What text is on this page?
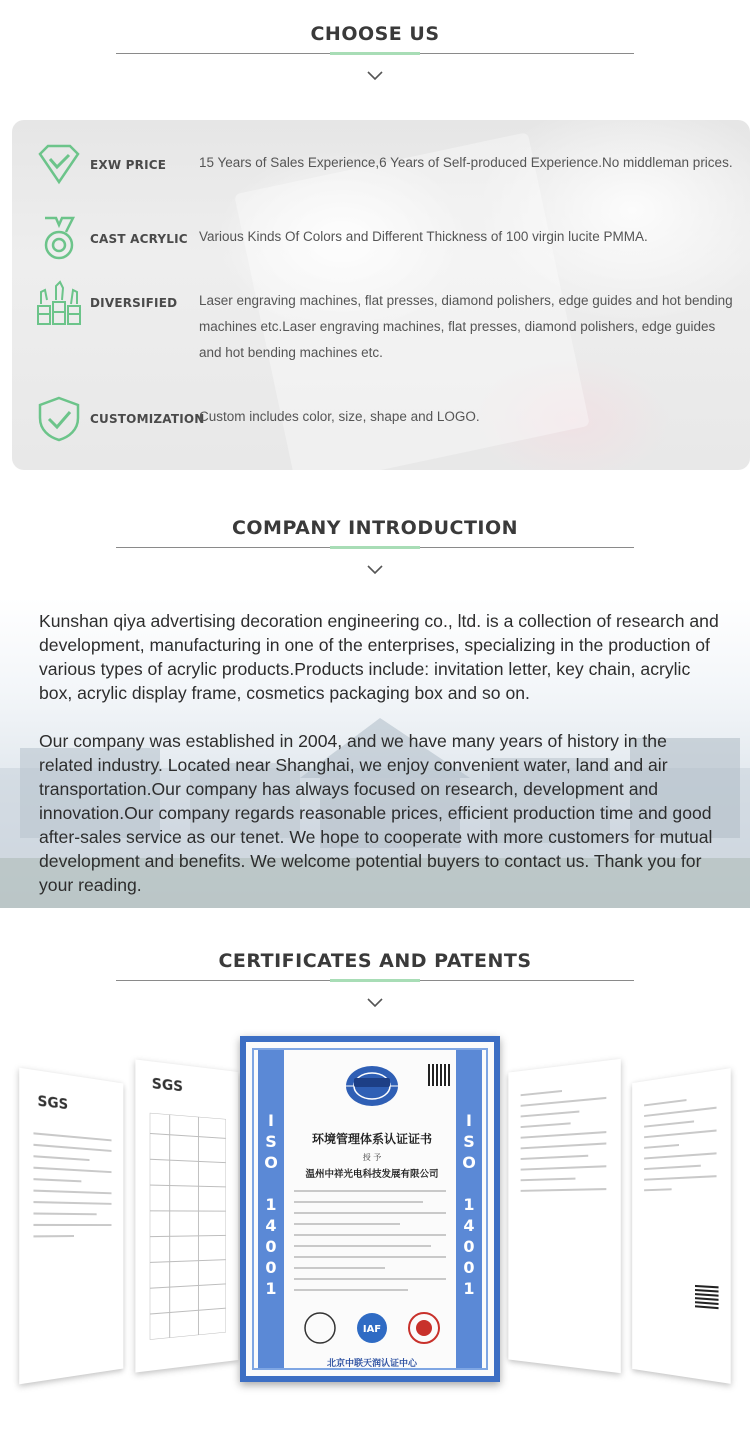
CHOOSE US
EXW PRICE 15 Years of Sales Experience,6 Years of Self-produced Experience.No middleman prices.
CAST ACRYLIC Various Kinds Of Colors and Different Thickness of 100 virgin lucite PMMA.
DIVERSIFIED Laser engraving machines, flat presses, diamond polishers, edge guides and hot bending machines etc.Laser engraving machines, flat presses, diamond polishers, edge guides and hot bending machines etc.
CUSTOMIZATION
Custom includes color, size, shape and LOGO.
COMPANY INTRODUCTION
Kunshan qiya advertising decoration engineering co., ltd. is a collection of research and development, manufacturing in one of the enterprises, specializing in the production of various types of acrylic products.Products include: invitation letter, key chain, acrylic box, acrylic display frame, cosmetics packaging box and so on.
Our company was established in 2004, and we have many years of history in the related industry. Located near Shanghai, we enjoy convenient water, land and air transportation.Our company has always focused on research, development and innovation.Our company regards reasonable prices, efficient production time and good after-sales service as our tenet. We hope to cooperate with more customers for mutual development and benefits. We welcome potential buyers to contact us. Thank you for your reading.
CERTIFICATES AND PATENTS
SGS
SGS
I
S
O

1
4
0
0
1
I
S
O

1
4
0
0
1
环境管理体系认证证书
授 予
温州中祥光电科技发展有限公司
IAF
北京中联天润认证中心
